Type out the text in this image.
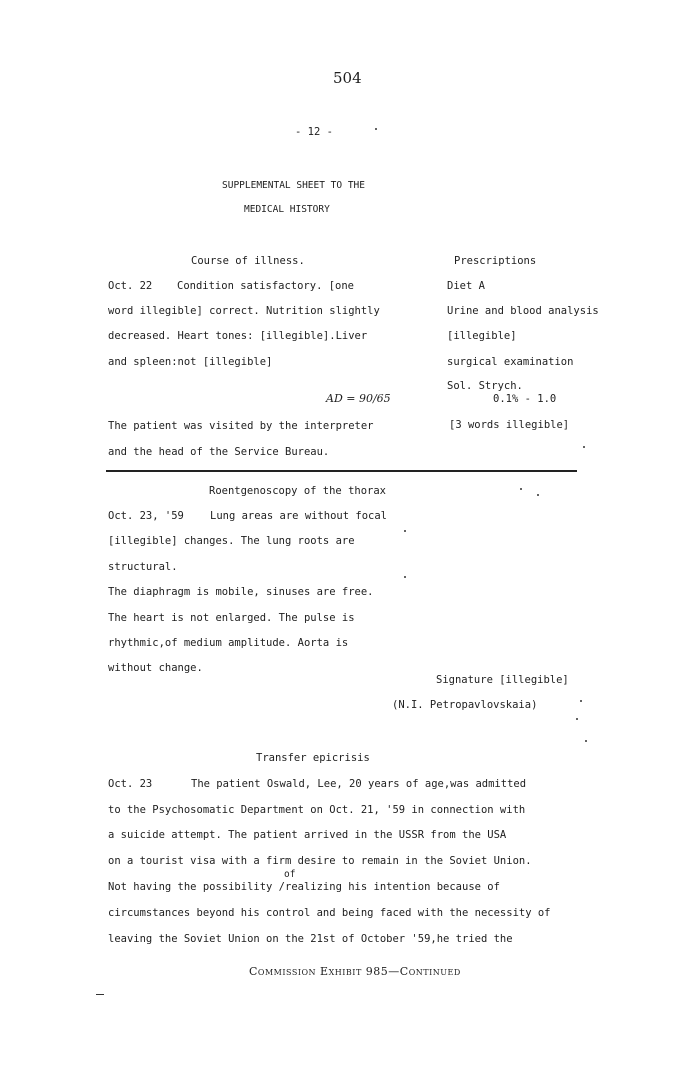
504
- 12 -
SUPPLEMENTAL SHEET TO THE
MEDICAL HISTORY
Course of illness.	Prescriptions
Oct. 22 Condition satisfactory. [one
word illegible] correct. Nutrition slightly
decreased. Heart tones: [illegible].Liver
and spleen:not [illegible]
AD = 90/65
The patient was visited by the interpreter
and the head of the Service Bureau.
Diet A
Urine and blood analysis
[illegible]
surgical examination
Sol. Strych.
0.1% - 1.0
[3 words illegible]
Roentgenoscopy of the thorax
Oct. 23, '59 Lung areas are without focal
[illegible] changes. The lung roots are
structural.
The diaphragm is mobile, sinuses are free.
The heart is not enlarged. The pulse is
rhythmic,of medium amplitude. Aorta is
without change.
Signature [illegible]
(N.I. Petropavlovskaia)
Transfer epicrisis
Oct. 23	The patient Oswald, Lee, 20 years of age,was admitted
to the Psychosomatic Department on Oct. 21, '59 in connection with
a suicide attempt. The patient arrived in the USSR from the USA
on a tourist visa with a firm desire to remain in the Soviet Union.
of
Not having the possibility /realizing his intention because of
circumstances beyond his control and being faced with the necessity of
leaving the Soviet Union on the 21st of October '59,he tried the
Commission Exhibit 985—Continued
